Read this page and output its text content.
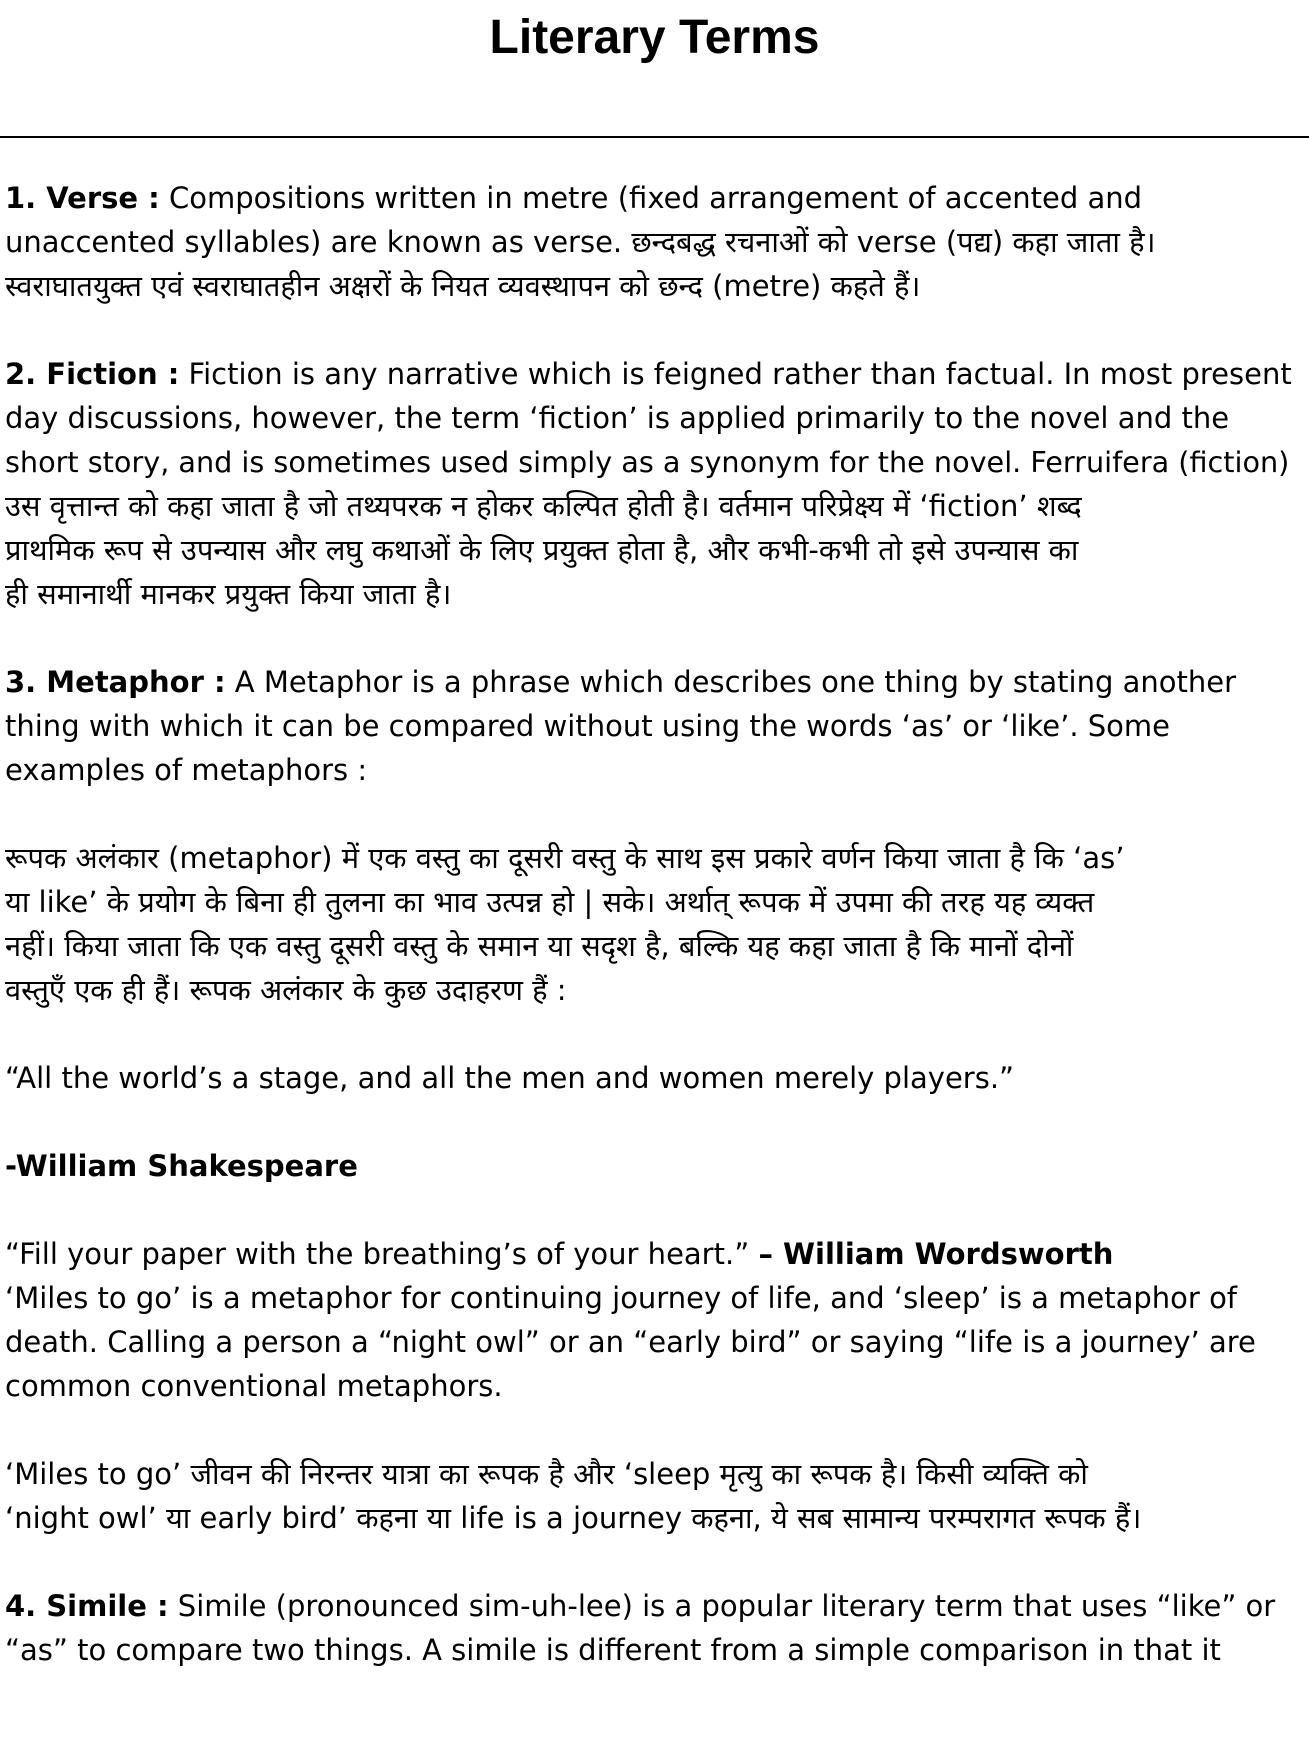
Literary Terms
1. Verse : Compositions written in metre (fixed arrangement of accented and
unaccented syllables) are known as verse. छन्दबद्ध रचनाओं को verse (पद्य) कहा जाता है।
स्वराघातयुक्त एवं स्वराघातहीन अक्षरों के नियत व्यवस्थापन को छन्द (metre) कहते हैं।
2. Fiction : Fiction is any narrative which is feigned rather than factual. In most present
day discussions, however, the term ‘fiction’ is applied primarily to the novel and the
short story, and is sometimes used simply as a synonym for the novel. Ferruifera (fiction)
उस वृत्तान्त को कहा जाता है जो तथ्यपरक न होकर कल्पित होती है। वर्तमान परिप्रेक्ष्य में ‘fiction’ शब्द
प्राथमिक रूप से उपन्यास और लघु कथाओं के लिए प्रयुक्त होता है, और कभी-कभी तो इसे उपन्यास का
ही समानार्थी मानकर प्रयुक्त किया जाता है।
3. Metaphor : A Metaphor is a phrase which describes one thing by stating another
thing with which it can be compared without using the words ‘as’ or ‘like’. Some
examples of metaphors :
रूपक अलंकार (metaphor) में एक वस्तु का दूसरी वस्तु के साथ इस प्रकारे वर्णन किया जाता है कि ‘as’
या like’ के प्रयोग के बिना ही तुलना का भाव उत्पन्न हो | सके। अर्थात् रूपक में उपमा की तरह यह व्यक्त
नहीं। किया जाता कि एक वस्तु दूसरी वस्तु के समान या सदृश है, बल्कि यह कहा जाता है कि मानों दोनों
वस्तुएँ एक ही हैं। रूपक अलंकार के कुछ उदाहरण हैं :
“All the world’s a stage, and all the men and women merely players.”
-William Shakespeare
“Fill your paper with the breathing’s of your heart.” – William Wordsworth
‘Miles to go’ is a metaphor for continuing journey of life, and ‘sleep’ is a metaphor of
death. Calling a person a “night owl” or an “early bird” or saying “life is a journey’ are
common conventional metaphors.
‘Miles to go’ जीवन की निरन्तर यात्रा का रूपक है और ‘sleep मृत्यु का रूपक है। किसी व्यक्ति को
‘night owl’ या early bird’ कहना या life is a journey कहना, ये सब सामान्य परम्परागत रूपक हैं।
4. Simile : Simile (pronounced sim-uh-lee) is a popular literary term that uses “like” or
“as” to compare two things. A simile is different from a simple comparison in that it
